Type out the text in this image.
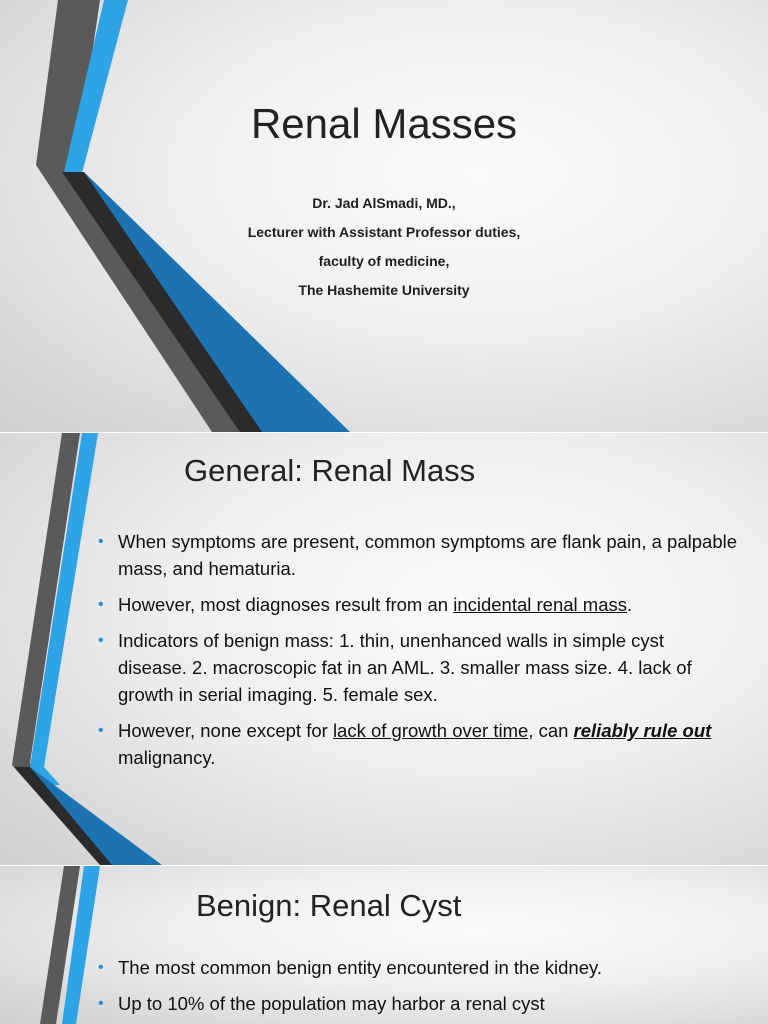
Renal Masses

Dr. Jad AlSmadi, MD.,

Lecturer with Assistant Professor duties,

faculty of medicine,

The Hashemite University

General: Renal Mass
• When symptoms are present, common symptoms are flank pain, a palpable mass, and hematuria.
• However, most diagnoses result from an incidental renal mass.
• Indicators of benign mass: 1. thin, unenhanced walls in simple cyst disease. 2. macroscopic fat in an AML. 3. smaller mass size. 4. lack of growth in serial imaging. 5. female sex.
• However, none except for lack of growth over time, can reliably rule out malignancy.
Benign: Renal Cyst
• The most common benign entity encountered in the kidney.
• Up to 10% of the population may harbor a renal cyst
